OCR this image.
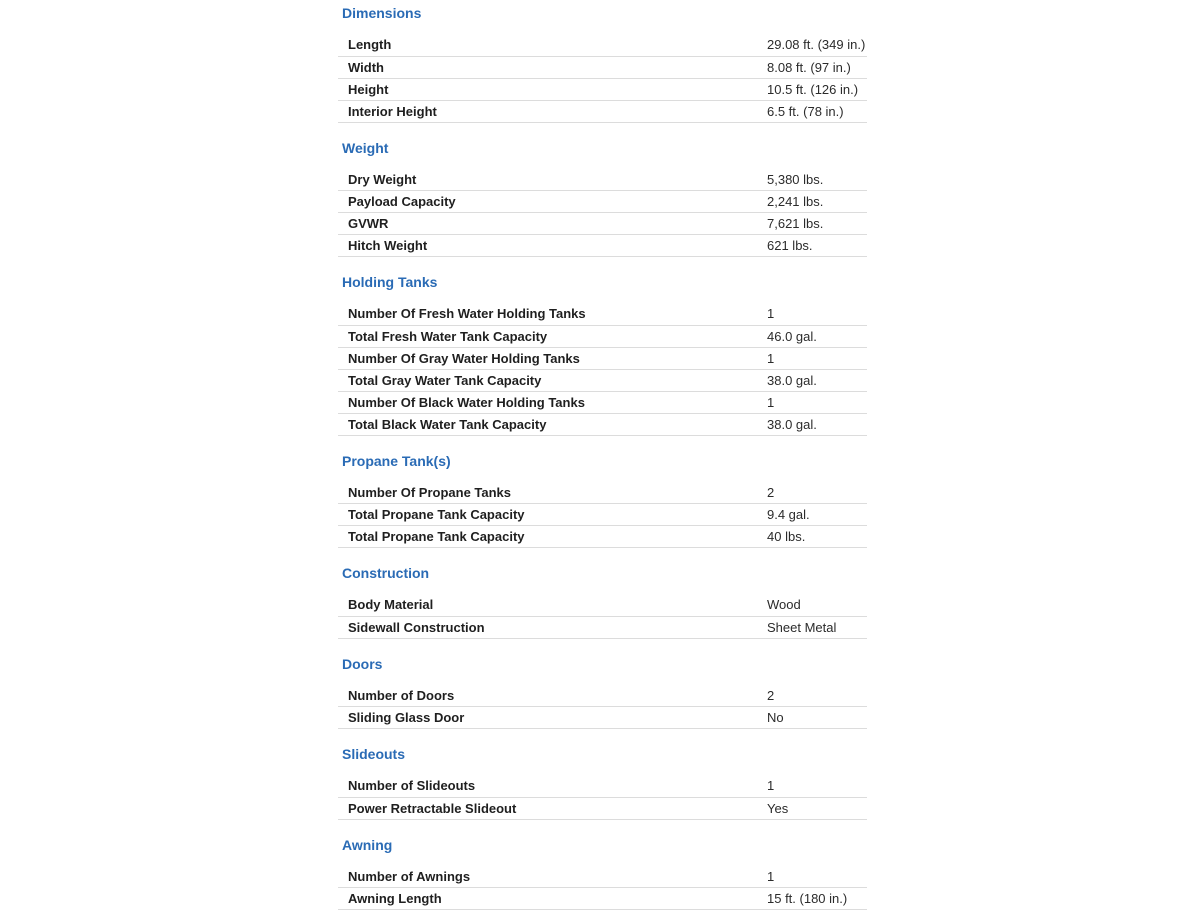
Dimensions
Length	29.08 ft. (349 in.)
Width	8.08 ft. (97 in.)
Height	10.5 ft. (126 in.)
Interior Height	6.5 ft. (78 in.)
Weight
Dry Weight	5,380 lbs.
Payload Capacity	2,241 lbs.
GVWR	7,621 lbs.
Hitch Weight	621 lbs.
Holding Tanks
Number Of Fresh Water Holding Tanks	1
Total Fresh Water Tank Capacity	46.0 gal.
Number Of Gray Water Holding Tanks	1
Total Gray Water Tank Capacity	38.0 gal.
Number Of Black Water Holding Tanks	1
Total Black Water Tank Capacity	38.0 gal.
Propane Tank(s)
Number Of Propane Tanks	2
Total Propane Tank Capacity	9.4 gal.
Total Propane Tank Capacity	40 lbs.
Construction
Body Material	Wood
Sidewall Construction	Sheet Metal
Doors
Number of Doors	2
Sliding Glass Door	No
Slideouts
Number of Slideouts	1
Power Retractable Slideout	Yes
Awning
Number of Awnings	1
Awning Length	15 ft. (180 in.)
